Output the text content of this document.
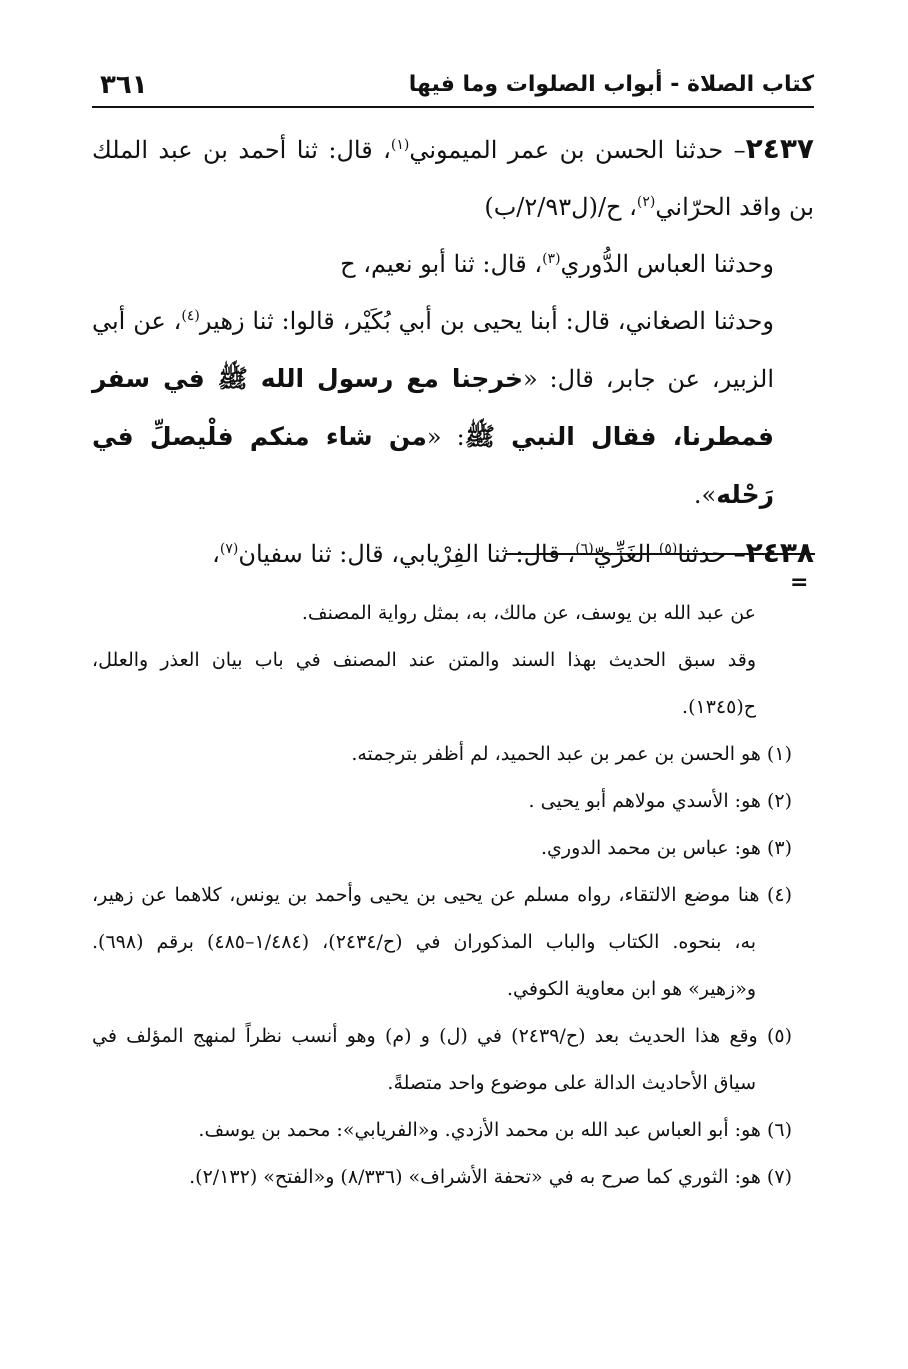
كتاب الصلاة - أبواب الصلوات وما فيها
٣٦١

٢٤٣٧– حدثنا الحسن بن عمر الميموني$^{(١)}$، قال: ثنا أحمد بن عبد الملك بن واقد الحرّاني$^{(٢)}$، ح/(ل٢/٩٣/ب)

وحدثنا العباس الدُّوري$^{(٣)}$، قال: ثنا أبو نعيم، ح

وحدثنا الصغاني، قال: أبنا يحيى بن أبي بُكَيْر، قالوا: ثنا زهير$^{(٤)}$، عن أبي الزبير، عن جابر، قال: «خرجنا مع رسول الله ﷺ في سفر فمطرنا، فقال النبي ﷺ: «من شاء منكم فلْيصلِّ في رَحْله».

٢٤٣٨– حدثنا$^{(٥)}$ الغَزِّيّ$^{(٦)}$، قال: ثنا الفِرْيابي، قال: ثنا سفيان$^{(٧)}$،

=

عن عبد الله بن يوسف، عن مالك، به، بمثل رواية المصنف.

وقد سبق الحديث بهذا السند والمتن عند المصنف في باب بيان العذر والعلل، ح(١٣٤٥).

(١) هو الحسن بن عمر بن عبد الحميد، لم أظفر بترجمته.

(٢) هو: الأسدي مولاهم أبو يحيى .

(٣) هو: عباس بن محمد الدوري.

(٤) هنا موضع الالتقاء، رواه مسلم عن يحيى بن يحيى وأحمد بن يونس، كلاهما عن زهير، به، بنحوه. الكتاب والباب المذكوران في (ح/٢٤٣٤)، (١/٤٨٤–٤٨٥) برقم (٦٩٨). و«زهير» هو ابن معاوية الكوفي.

(٥) وقع هذا الحديث بعد (ح/٢٤٣٩) في (ل) و (م) وهو أنسب نظراً لمنهج المؤلف في سياق الأحاديث الدالة على موضوع واحد متصلةً.

(٦) هو: أبو العباس عبد الله بن محمد الأزدي. و«الفريابي»: محمد بن يوسف.

(٧) هو: الثوري كما صرح به في «تحفة الأشراف» (٨/٣٣٦) و«الفتح» (٢/١٣٢).
